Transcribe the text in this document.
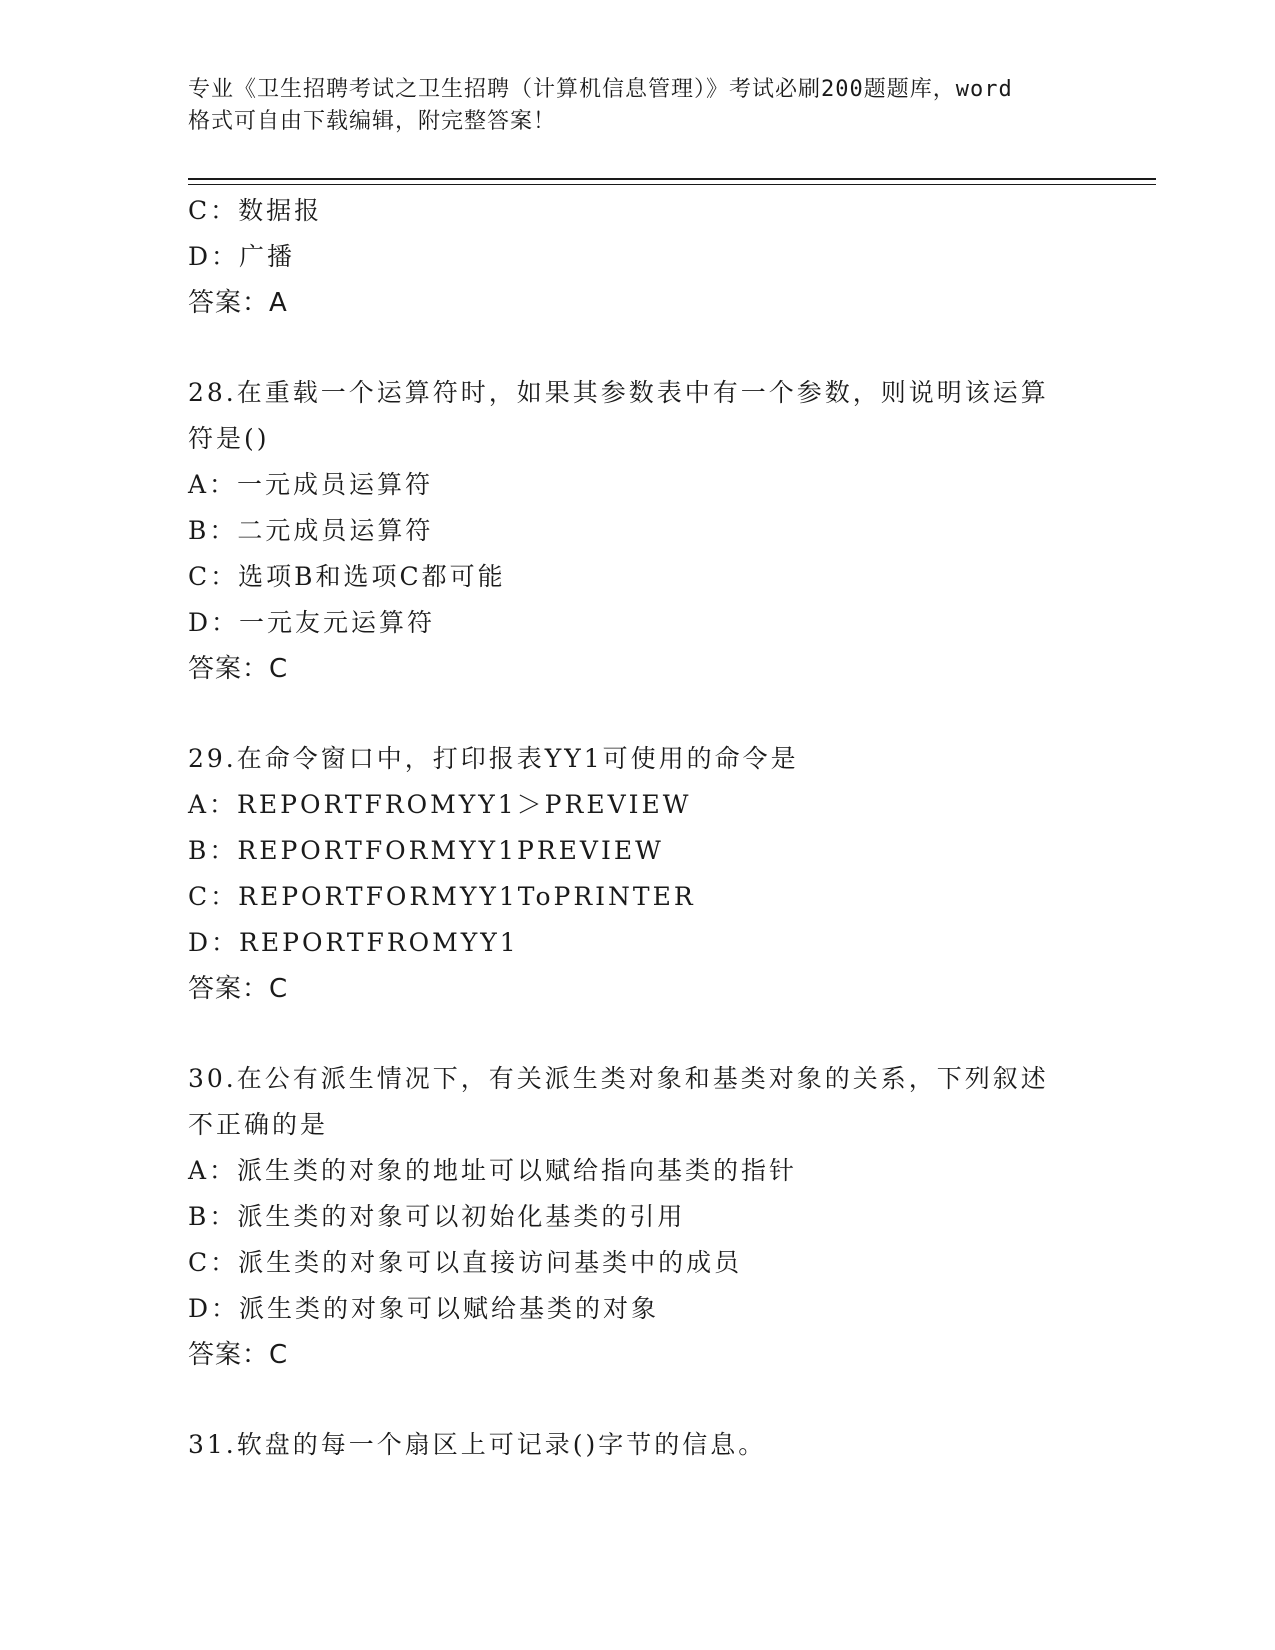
专业《卫生招聘考试之卫生招聘（计算机信息管理）》考试必刷200题题库，word
格式可自由下载编辑，附完整答案！
C：数据报
D：广播
答案：A
28.在重载一个运算符时，如果其参数表中有一个参数，则说明该运算
符是()
A：一元成员运算符
B：二元成员运算符
C：选项B和选项C都可能
D：一元友元运算符
答案：C
29.在命令窗口中，打印报表YY1可使用的命令是
A：REPORTFROMYY1＞PREVIEW
B：REPORTFORMYY1PREVIEW
C：REPORTFORMYY1ToPRINTER
D：REPORTFROMYY1
答案：C
30.在公有派生情况下，有关派生类对象和基类对象的关系，下列叙述
不正确的是
A：派生类的对象的地址可以赋给指向基类的指针
B：派生类的对象可以初始化基类的引用
C：派生类的对象可以直接访问基类中的成员
D：派生类的对象可以赋给基类的对象
答案：C
31.软盘的每一个扇区上可记录()字节的信息。
